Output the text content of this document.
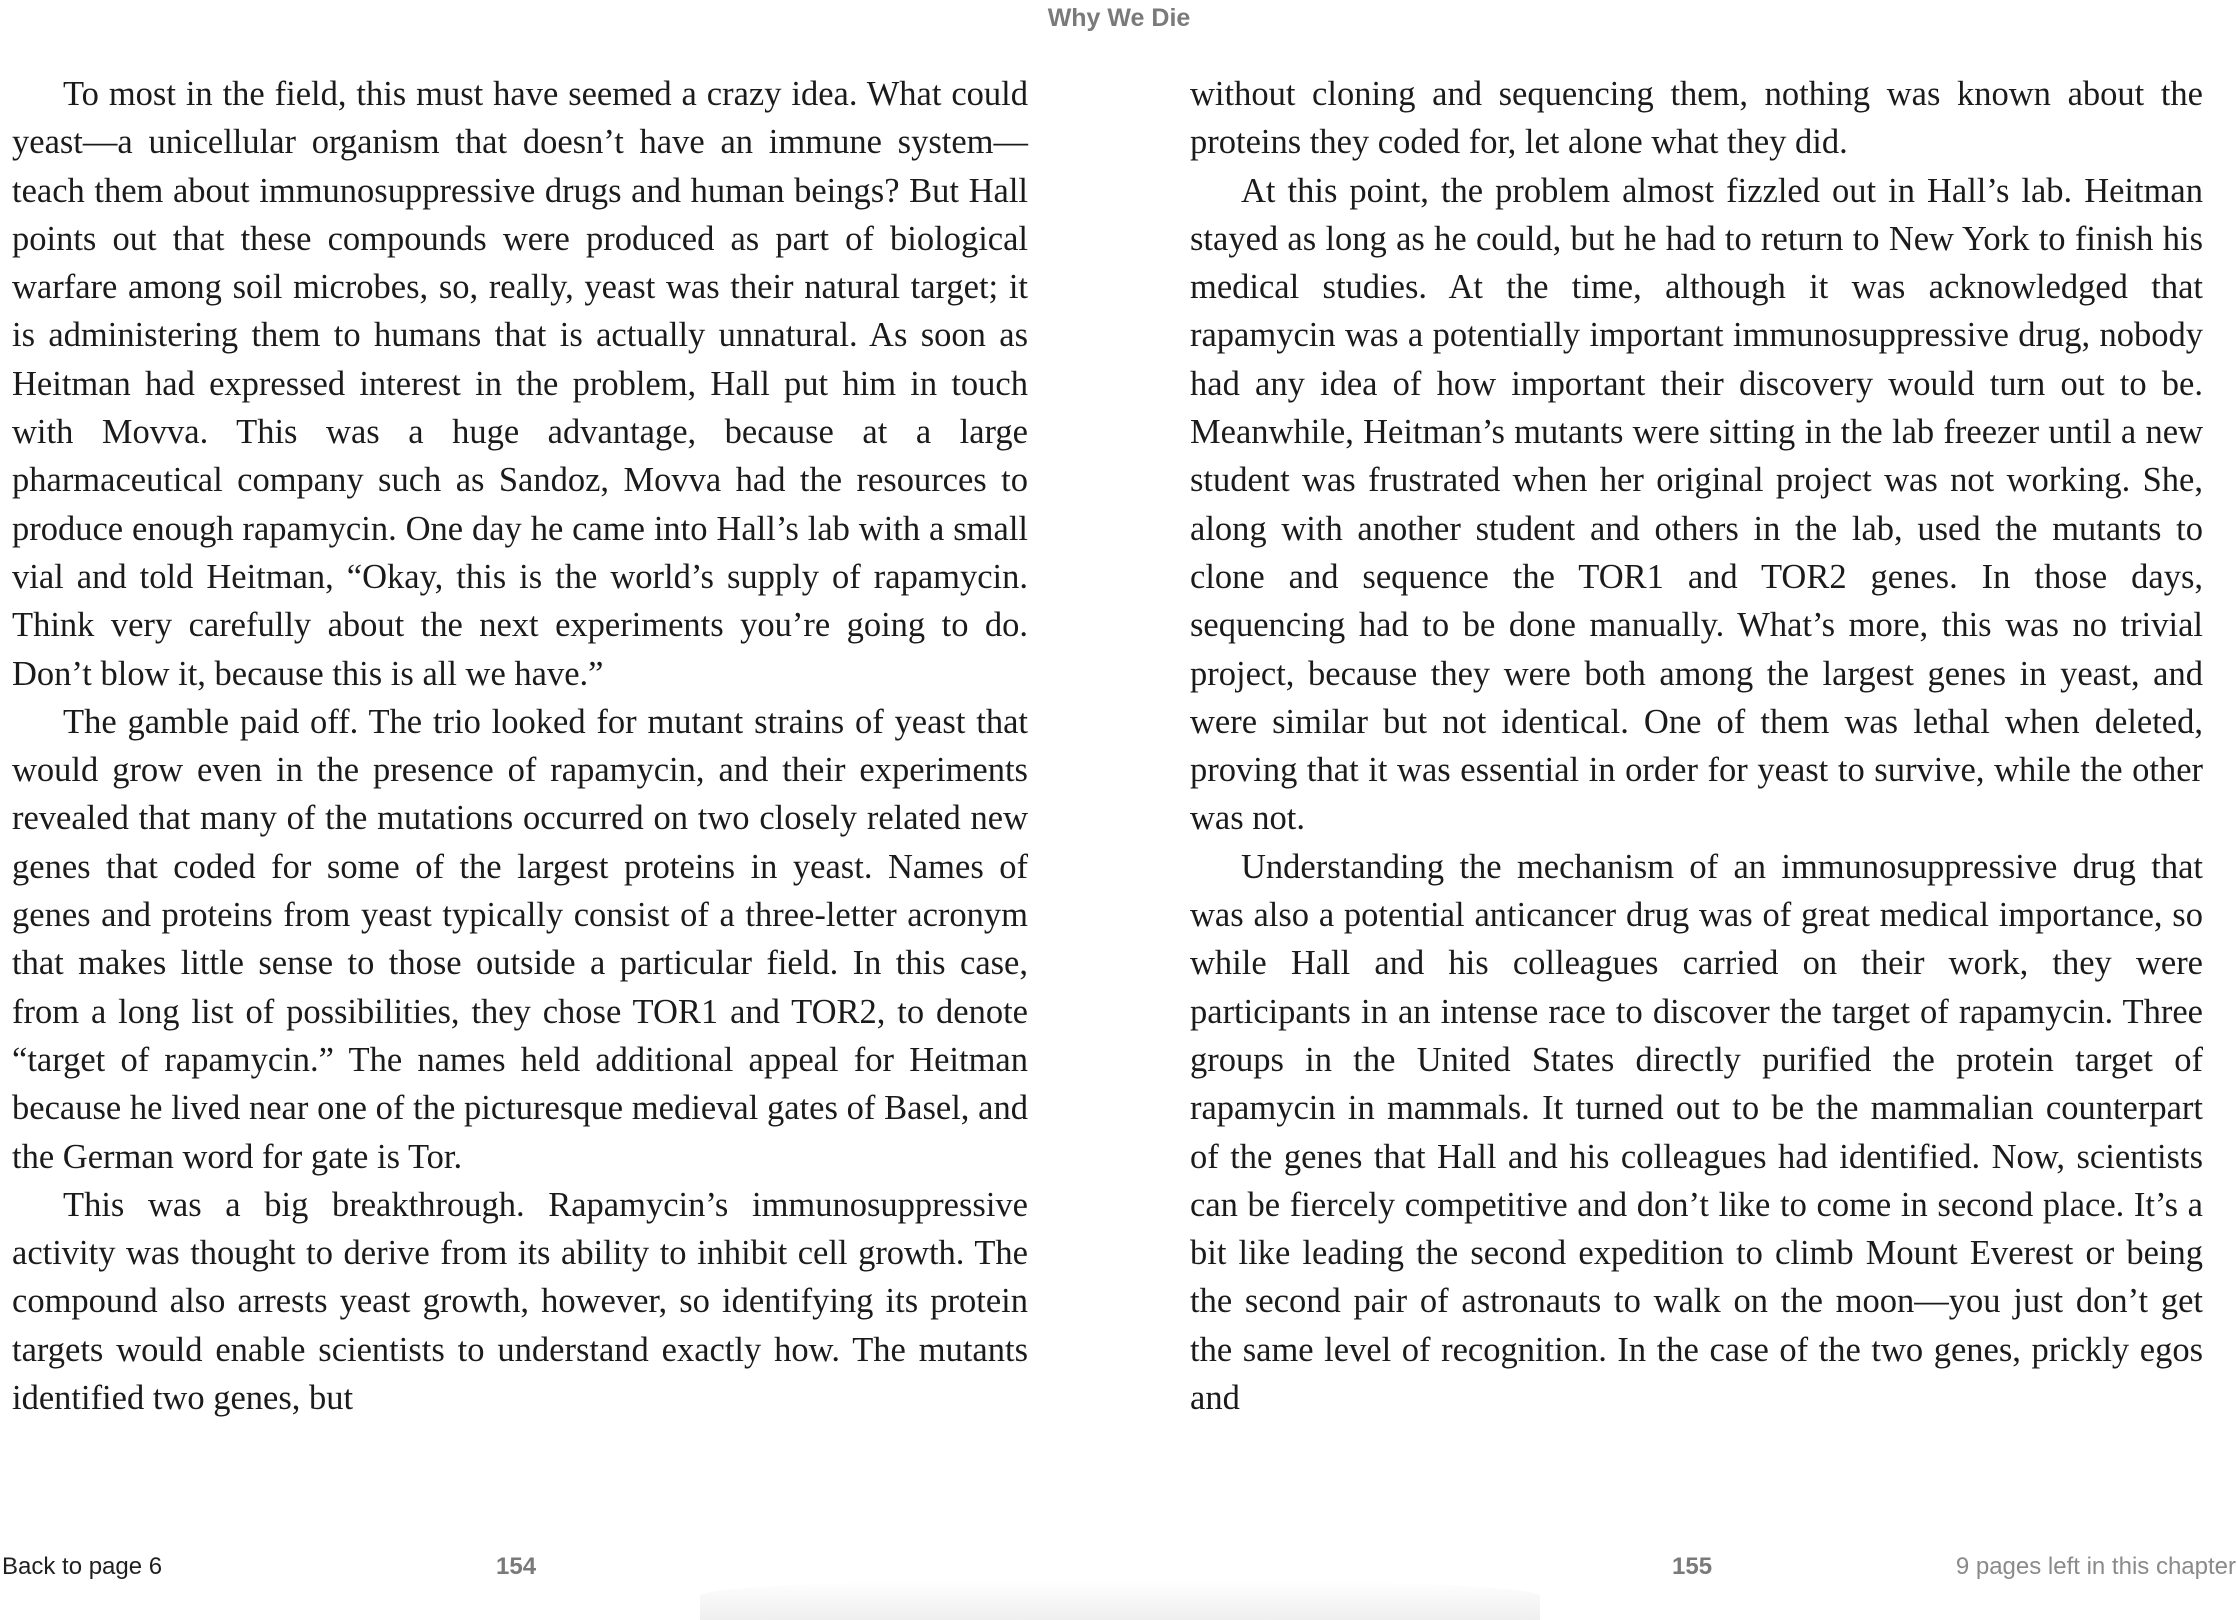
Why We Die

To most in the field, this must have seemed a crazy idea. What could yeast—a unicellular organism that doesn’t have an immune system—teach them about immunosuppressive drugs and human beings? But Hall points out that these compounds were produced as part of biological warfare among soil microbes, so, really, yeast was their natural target; it is administering them to humans that is actually unnatural. As soon as Heitman had expressed interest in the problem, Hall put him in touch with Movva. This was a huge advantage, because at a large pharmaceutical company such as Sandoz, Movva had the resources to produce enough rapamycin. One day he came into Hall’s lab with a small vial and told Heitman, “Okay, this is the world’s supply of rapamycin. Think very carefully about the next experiments you’re going to do. Don’t blow it, because this is all we have.”

The gamble paid off. The trio looked for mutant strains of yeast that would grow even in the presence of rapamycin, and their experiments revealed that many of the mutations occurred on two closely related new genes that coded for some of the largest proteins in yeast. Names of genes and proteins from yeast typically consist of a three-letter acronym that makes little sense to those outside a particular field. In this case, from a long list of possibilities, they chose TOR1 and TOR2, to denote “target of rapamycin.” The names held additional appeal for Heitman because he lived near one of the picturesque medieval gates of Basel, and the German word for gate is Tor.

This was a big breakthrough. Rapamycin’s immunosuppressive activity was thought to derive from its ability to inhibit cell growth. The compound also arrests yeast growth, however, so identifying its protein targets would enable scientists to understand exactly how. The mutants identified two genes, but

without cloning and sequencing them, nothing was known about the proteins they coded for, let alone what they did.

At this point, the problem almost fizzled out in Hall’s lab. Heitman stayed as long as he could, but he had to return to New York to finish his medical studies. At the time, although it was acknowledged that rapamycin was a potentially important immunosuppressive drug, nobody had any idea of how important their discovery would turn out to be. Meanwhile, Heitman’s mutants were sitting in the lab freezer until a new student was frustrated when her original project was not working. She, along with another student and others in the lab, used the mutants to clone and sequence the TOR1 and TOR2 genes. In those days, sequencing had to be done manually. What’s more, this was no trivial project, because they were both among the largest genes in yeast, and were similar but not identical. One of them was lethal when deleted, proving that it was essential in order for yeast to survive, while the other was not.

Understanding the mechanism of an immunosuppressive drug that was also a potential anticancer drug was of great medical importance, so while Hall and his colleagues carried on their work, they were participants in an intense race to discover the target of rapamycin. Three groups in the United States directly purified the protein target of rapamycin in mammals. It turned out to be the mammalian counterpart of the genes that Hall and his colleagues had identified. Now, scientists can be fiercely competitive and don’t like to come in second place. It’s a bit like leading the second expedition to climb Mount Everest or being the second pair of astronauts to walk on the moon—you just don’t get the same level of recognition. In the case of the two genes, prickly egos and

Back to page 6	154	155	9 pages left in this chapter
